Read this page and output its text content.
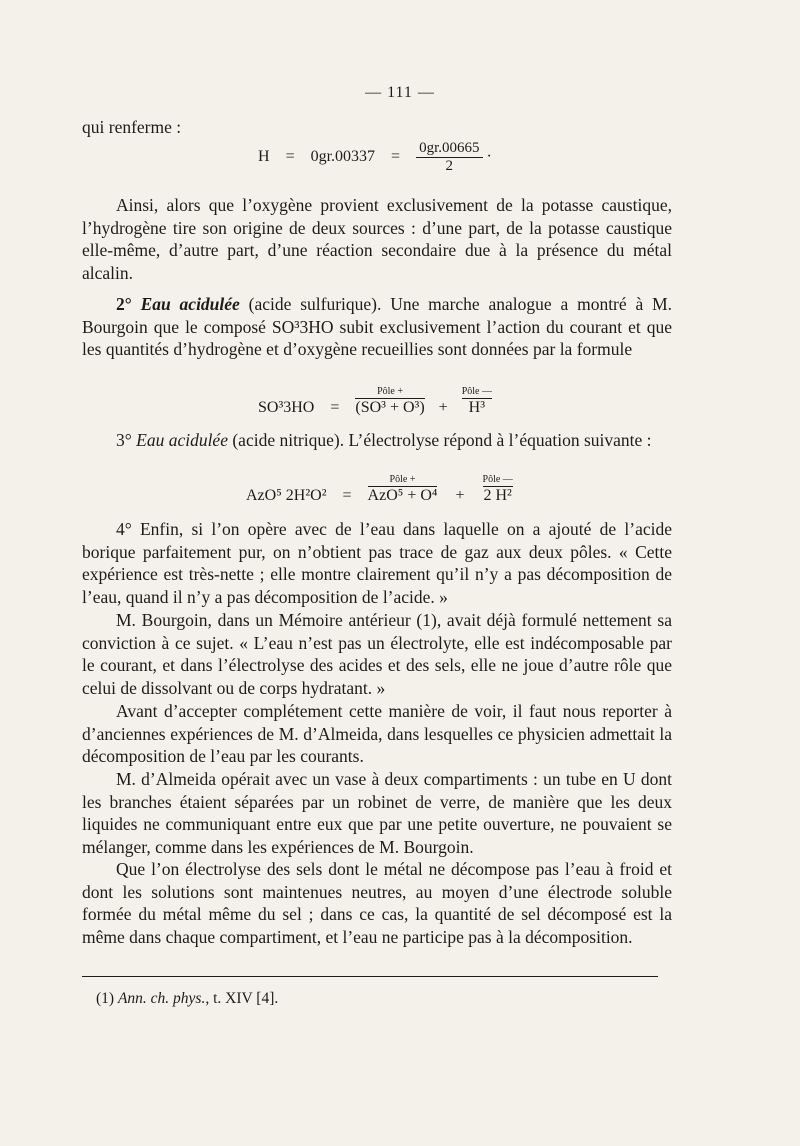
— 111 —

qui renferme :

$H = 0gr.00337 = \frac{0gr.00665}{2}$ ·

Ainsi, alors que l’oxygène provient exclusivement de la potasse caustique, l’hydrogène tire son origine de deux sources : d’une part, de la potasse caustique elle-même, d’autre part, d’une réaction secondaire due à la présence du métal alcalin.

2° Eau acidulée (acide sulfurique). Une marche analogue a montré à M. Bourgoin que le composé SO³3HO subit exclusivement l’action du courant et que les quantités d’hydrogène et d’oxygène recueillies sont données par la formule

SO³3HO
=

Pôle +
(SO³ + O³)
+

Pôle —
H³

3° Eau acidulée (acide nitrique). L’électrolyse répond à l’équation suivante :

AzO⁵ 2H²O²
=

Pôle +
AzO⁵ + O⁴
+

Pôle —
2 H²

4° Enfin, si l’on opère avec de l’eau dans laquelle on a ajouté de l’acide borique parfaitement pur, on n’obtient pas trace de gaz aux deux pôles. « Cette expérience est très-nette ; elle montre clairement qu’il n’y a pas décomposition de l’eau, quand il n’y a pas décomposition de l’acide. »

M. Bourgoin, dans un Mémoire antérieur (1), avait déjà formulé nettement sa conviction à ce sujet. « L’eau n’est pas un électrolyte, elle est indécomposable par le courant, et dans l’électrolyse des acides et des sels, elle ne joue d’autre rôle que celui de dissolvant ou de corps hydratant. »

Avant d’accepter complétement cette manière de voir, il faut nous reporter à d’anciennes expériences de M. d’Almeida, dans lesquelles ce physicien admettait la décomposition de l’eau par les courants.

M. d’Almeida opérait avec un vase à deux compartiments : un tube en U dont les branches étaient séparées par un robinet de verre, de manière que les deux liquides ne communiquant entre eux que par une petite ouverture, ne pouvaient se mélanger, comme dans les expériences de M. Bourgoin.

Que l’on électrolyse des sels dont le métal ne décompose pas l’eau à froid et dont les solutions sont maintenues neutres, au moyen d’une électrode soluble formée du métal même du sel ; dans ce cas, la quantité de sel décomposé est la même dans chaque compartiment, et l’eau ne participe pas à la décomposition.

(1) Ann. ch. phys., t. XIV [4].
